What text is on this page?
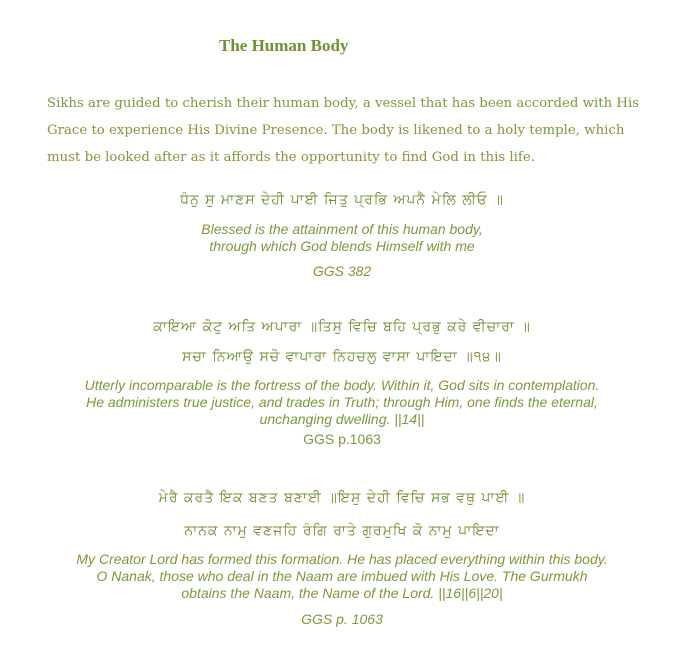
The Human Body
Sikhs are guided to cherish their human body, a vessel that has been accorded with His
Grace to experience His Divine Presence. The body is likened to a holy temple, which
must be looked after as it affords the opportunity to find God in this life.
ਧੰਨੁ ਸੁ ਮਾਣਸ ਦੇਹੀ ਪਾਈ ਜਿਤੁ ਪ੍ਰਭਿ ਅਪਨੈ ਮੇਲਿ ਲੀਓ ॥
Blessed is the attainment of this human body,
through which God blends Himself with me
GGS 382
ਕਾਇਆ ਕੋਟੁ ਅਤਿ ਅਪਾਰਾ ॥ਤਿਸੁ ਵਿਚਿ ਬਹਿ ਪ੍ਰਭੁ ਕਰੇ ਵੀਚਾਰਾ ॥
ਸਚਾ ਨਿਆਉ ਸਚੋ ਵਾਪਾਰਾ ਨਿਹਚਲੁ ਵਾਸਾ ਪਾਇਦਾ ॥੧੪॥
Utterly incomparable is the fortress of the body. Within it, God sits in contemplation.
He administers true justice, and trades in Truth; through Him, one finds the eternal,
unchanging dwelling. ||14||
GGS p.1063
ਮੇਰੈ ਕਰਤੈ ਇਕ ਬਣਤ ਬਣਾਈ ॥ਇਸੁ ਦੇਹੀ ਵਿਚਿ ਸਭ ਵਥੁ ਪਾਈ ॥
ਨਾਨਕ ਨਾਮੁ ਵਣਜਹਿ ਰੰਗਿ ਰਾਤੇ ਗੁਰਮੁਖਿ ਕੋ ਨਾਮੁ ਪਾਇਦਾ
My Creator Lord has formed this formation. He has placed everything within this body.
O Nanak, those who deal in the Naam are imbued with His Love. The Gurmukh
obtains the Naam, the Name of the Lord. ||16||6||20|
GGS p. 1063
